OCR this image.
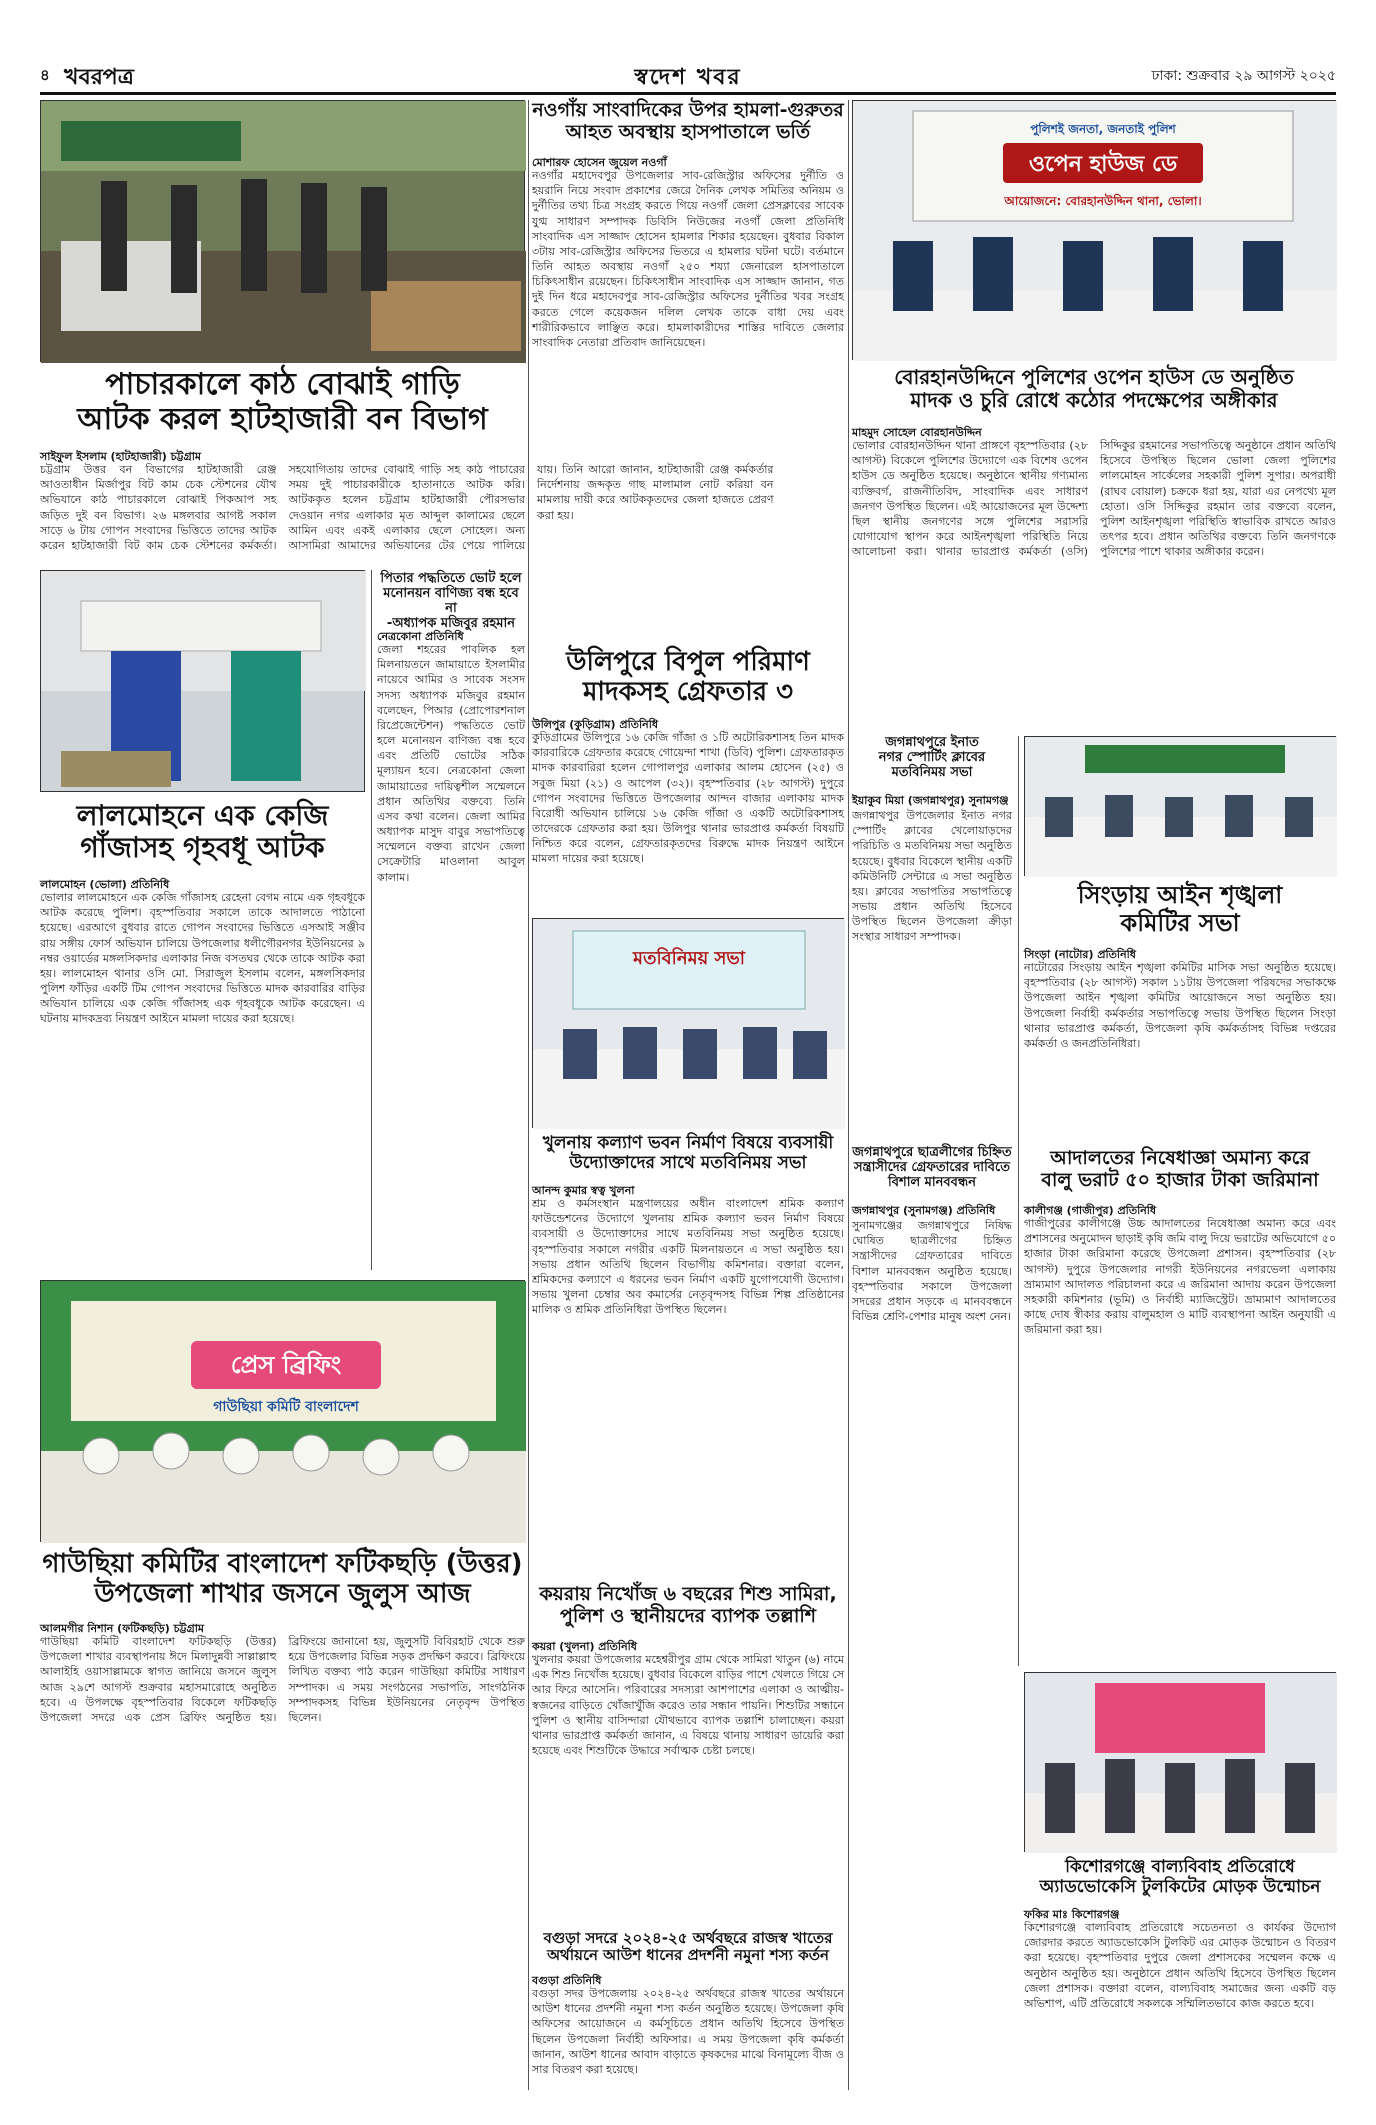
৪ খবরপত্র	স্বদেশ খবর	ঢাকা: শুক্রবার ২৯ আগস্ট ২০২৫
পাচারকালে কাঠ বোঝাই গাড়ি
আটক করল হাটহাজারী বন বিভাগ
সাইফুল ইসলাম (হাটহাজারী) চট্টগ্রাম
চট্টগ্রাম উত্তর বন বিভাগের হাটহাজারী রেঞ্জ আওতাধীন মির্জাপুর বিট কাম চেক স্টেশনের যৌথ অভিযানে কাঠ পাচারকালে বোঝাই পিকআপ সহ জড়িত দুই বন বিভাগ। ২৬ মঙ্গলবার আগষ্ট সকাল সাড়ে ৬ টায় গোপন সংবাদের ভিত্তিতে তাদের আটক করেন হাটহাজারী বিট কাম চেক স্টেশনের কর্মকর্তা। সহযোগিতায় তাদের বোঝাই গাড়ি সহ কাঠ পাচারের সময় দুই পাচারকারীকে হাতানাতে আটক করি। আটককৃত হলেন চট্টগ্রাম হাটহাজারী পৌরসভার দেওয়ান নগর এলাকার মৃত আব্দুল কালামের ছেলে আমিন এবং একই এলাকার ছেলে সোহেল। অন্য আসামিরা আমাদের অভিযানের টের পেয়ে পালিয়ে যায়। তিনি আরো জানান, হাটহাজারী রেঞ্জ কর্মকর্তার নির্দেশনায় জব্দকৃত গাছ মালামাল নোট করিয়া বন মামলায় দায়ী করে আটককৃতদের জেলা হাজতে প্রেরণ করা হয়।
পিতার পদ্ধতিতে ভোট হলে
মনোনয়ন বাণিজ্য বন্ধ হবে না
-অধ্যাপক মজিবুর রহমান
নেত্রকোনা প্রতিনিধি
জেলা শহরের পাবলিক হল মিলনায়তনে জামায়াতে ইসলামীর নায়েবে আমির ও সাবেক সংসদ সদস্য অধ্যাপক মজিবুর রহমান বলেছেন, পিআর (প্রোপোরশনাল রিপ্রেজেন্টেশন) পদ্ধতিতে ভোট হলে মনোনয়ন বাণিজ্য বন্ধ হবে এবং প্রতিটি ভোটের সঠিক মূল্যায়ন হবে। নেত্রকোনা জেলা জামায়াতের দায়িত্বশীল সম্মেলনে প্রধান অতিথির বক্তব্যে তিনি এসব কথা বলেন। জেলা আমির অধ্যাপক মাসুদ বাবুর সভাপতিত্বে সম্মেলনে বক্তব্য রাখেন জেলা সেক্রেটারি মাওলানা আবুল কালাম।
লালমোহনে এক কেজি
গাঁজাসহ গৃহবধূ আটক
লালমোহন (ভোলা) প্রতিনিধি
ভোলার লালমোহনে এক কেজি গাঁজাসহ রেহেনা বেগম নামে এক গৃহবধূকে আটক করেছে পুলিশ। বৃহস্পতিবার সকালে তাকে আদালতে পাঠানো হয়েছে। এরআগে বুধবার রাতে গোপন সংবাদের ভিত্তিতে এসআই সঞ্জীব রায় সঙ্গীয় ফোর্স অভিযান চালিয়ে উপজেলার ধলীগৌরনগর ইউনিয়নের ৯ নম্বর ওয়ার্ডের মঙ্গলসিকদার এলাকার নিজ বসতঘর থেকে তাকে আটক করা হয়। লালমোহন থানার ওসি মো. সিরাজুল ইসলাম বলেন, মঙ্গলসিকদার পুলিশ ফাঁড়ির একটি টিম গোপন সংবাদের ভিত্তিতে মাদক কারবারির বাড়ির অভিযান চালিয়ে এক কেজি গাঁজাসহ এক গৃহবধূকে আটক করেছেন। এ ঘটনায় মাদকদ্রব্য নিয়ন্ত্রণ আইনে মামলা দায়ের করা হয়েছে।
প্রেস ব্রিফিং
গাউছিয়া কমিটি বাংলাদেশ
গাউছিয়া কমিটির বাংলাদেশ ফটিকছড়ি (উত্তর)
উপজেলা শাখার জসনে জুলুস আজ
আলমগীর নিশান (ফটিকছড়ি) চট্টগ্রাম
গাউছিয়া কমিটি বাংলাদেশ ফটিকছড়ি (উত্তর) উপজেলা শাখার ব্যবস্থাপনায় ঈদে মিলাদুন্নবী সাল্লাল্লাহু আলাইহি ওয়াসাল্লামকে স্বাগত জানিয়ে জসনে জুলুস আজ ২৯শে আগস্ট শুক্রবার মহাসমারোহে অনুষ্ঠিত হবে। এ উপলক্ষে বৃহস্পতিবার বিকেলে ফটিকছড়ি উপজেলা সদরে এক প্রেস ব্রিফিং অনুষ্ঠিত হয়। ব্রিফিংয়ে জানানো হয়, জুলুসটি বিবিরহাট থেকে শুরু হয়ে উপজেলার বিভিন্ন সড়ক প্রদক্ষিণ করবে। ব্রিফিংয়ে লিখিত বক্তব্য পাঠ করেন গাউছিয়া কমিটির সাধারণ সম্পাদক। এ সময় সংগঠনের সভাপতি, সাংগঠনিক সম্পাদকসহ বিভিন্ন ইউনিয়নের নেতৃবৃন্দ উপস্থিত ছিলেন।
নওগাঁয় সাংবাদিকের উপর হামলা-গুরুতর
আহত অবস্থায় হাসপাতালে ভর্তি
মোশারফ হোসেন জুয়েল নওগাঁ
নওগাঁর মহাদেবপুর উপজেলার সাব-রেজিস্ট্রার অফিসের দুর্নীতি ও হয়রানি নিয়ে সংবাদ প্রকাশের জেরে দৈনিক লেখক সমিতির অনিয়ম ও দুর্নীতির তথ্য চিত্র সংগ্রহ করতে গিয়ে নওগাঁ জেলা প্রেসক্লাবের সাবেক যুগ্ম সাধারণ সম্পাদক ডিবিসি নিউজের নওগাঁ জেলা প্রতিনিধি সাংবাদিক এস সাজ্জাদ হোসেন হামলার শিকার হয়েছেন। বুধবার বিকাল ৩টায় সাব-রেজিস্ট্রার অফিসের ভিতরে এ হামলার ঘটনা ঘটে। বর্তমানে তিনি আহত অবস্থায় নওগাঁ ২৫০ শয্যা জেনারেল হাসপাতালে চিকিৎসাধীন রয়েছেন। চিকিৎসাধীন সাংবাদিক এস সাজ্জাদ জানান, গত দুই দিন ধরে মহাদেবপুর সাব-রেজিস্ট্রার অফিসের দুর্নীতির খবর সংগ্রহ করতে গেলে কয়েকজন দলিল লেখক তাকে বাধা দেয় এবং শারীরিকভাবে লাঞ্ছিত করে। হামলাকারীদের শাস্তির দাবিতে জেলার সাংবাদিক নেতারা প্রতিবাদ জানিয়েছেন।
উলিপুরে বিপুল পরিমাণ
মাদকসহ গ্রেফতার ৩
উলিপুর (কুড়িগ্রাম) প্রতিনিধি
কুড়িগ্রামের উলিপুরে ১৬ কেজি গাঁজা ও ১টি অটোরিকশাসহ তিন মাদক কারবারিকে গ্রেফতার করেছে গোয়েন্দা শাখা (ডিবি) পুলিশ। গ্রেফতারকৃত মাদক কারবারিরা হলেন গোপালপুর এলাকার আলম হোসেন (২৫) ও সবুজ মিয়া (২১) ও আপেল (৩২)। বৃহস্পতিবার (২৮ আগস্ট) দুপুরে গোপন সংবাদের ভিত্তিতে উপজেলার আন্দন বাজার এলাকায় মাদক বিরোধী অভিযান চালিয়ে ১৬ কেজি গাঁজা ও একটি অটোরিকশাসহ তাদেরকে গ্রেফতার করা হয়। উলিপুর থানার ভারপ্রাপ্ত কর্মকর্তা বিষয়টি নিশ্চিত করে বলেন, গ্রেফতারকৃতদের বিরুদ্ধে মাদক নিয়ন্ত্রণ আইনে মামলা দায়ের করা হয়েছে।
মতবিনিময় সভা
খুলনায় কল্যাণ ভবন নির্মাণ বিষয়ে ব্যবসায়ী
উদ্যোক্তাদের সাথে মতবিনিময় সভা
আনন্দ কুমার স্বত্ব খুলনা
শ্রম ও কর্মসংস্থান মন্ত্রণালয়ের অধীন বাংলাদেশ শ্রমিক কল্যাণ ফাউন্ডেশনের উদ্যোগে খুলনায় শ্রমিক কল্যাণ ভবন নির্মাণ বিষয়ে ব্যবসায়ী ও উদ্যোক্তাদের সাথে মতবিনিময় সভা অনুষ্ঠিত হয়েছে। বৃহস্পতিবার সকালে নগরীর একটি মিলনায়তনে এ সভা অনুষ্ঠিত হয়। সভায় প্রধান অতিথি ছিলেন বিভাগীয় কমিশনার। বক্তারা বলেন, শ্রমিকদের কল্যাণে এ ধরনের ভবন নির্মাণ একটি যুগোপযোগী উদ্যোগ। সভায় খুলনা চেম্বার অব কমার্সের নেতৃবৃন্দসহ বিভিন্ন শিল্প প্রতিষ্ঠানের মালিক ও শ্রমিক প্রতিনিধিরা উপস্থিত ছিলেন।
কয়রায় নিখোঁজ ৬ বছরের শিশু সামিরা,
পুলিশ ও স্থানীয়দের ব্যাপক তল্লাশি
কয়রা (খুলনা) প্রতিনিধি
খুলনার কয়রা উপজেলার মহেশ্বরীপুর গ্রাম থেকে সামিরা খাতুন (৬) নামে এক শিশু নিখোঁজ হয়েছে। বুধবার বিকেলে বাড়ির পাশে খেলতে গিয়ে সে আর ফিরে আসেনি। পরিবারের সদস্যরা আশপাশের এলাকা ও আত্মীয়-স্বজনের বাড়িতে খোঁজাখুঁজি করেও তার সন্ধান পায়নি। শিশুটির সন্ধানে পুলিশ ও স্থানীয় বাসিন্দারা যৌথভাবে ব্যাপক তল্লাশি চালাচ্ছেন। কয়রা থানার ভারপ্রাপ্ত কর্মকর্তা জানান, এ বিষয়ে থানায় সাধারণ ডায়েরি করা হয়েছে এবং শিশুটিকে উদ্ধারে সর্বাত্মক চেষ্টা চলছে।
বগুড়া সদরে ২০২৪-২৫ অর্থবছরে রাজস্ব খাতের
অর্থায়নে আউশ ধানের প্রদর্শনী নমুনা শস্য কর্তন
বগুড়া প্রতিনিধি
বগুড়া সদর উপজেলায় ২০২৪-২৫ অর্থবছরে রাজস্ব খাতের অর্থায়নে আউশ ধানের প্রদর্শনী নমুনা শস্য কর্তন অনুষ্ঠিত হয়েছে। উপজেলা কৃষি অফিসের আয়োজনে এ কর্মসূচিতে প্রধান অতিথি হিসেবে উপস্থিত ছিলেন উপজেলা নির্বাহী অফিসার। এ সময় উপজেলা কৃষি কর্মকর্তা জানান, আউশ ধানের আবাদ বাড়াতে কৃষকদের মাঝে বিনামূল্যে বীজ ও সার বিতরণ করা হয়েছে।
পুলিশই জনতা, জনতাই পুলিশ
ওপেন হাউজ ডে
আয়োজনে: বোরহানউদ্দিন থানা, ভোলা।
বোরহানউদ্দিনে পুলিশের ওপেন হাউস ডে অনুষ্ঠিত
মাদক ও চুরি রোধে কঠোর পদক্ষেপের অঙ্গীকার
মাহমুদ সোহেল বোরহানউদ্দিন
ভোলার বোরহানউদ্দিন থানা প্রাঙ্গণে বৃহস্পতিবার (২৮ আগস্ট) বিকেলে পুলিশের উদ্যোগে এক বিশেষ ওপেন হাউস ডে অনুষ্ঠিত হয়েছে। অনুষ্ঠানে স্থানীয় গণ্যমান্য ব্যক্তিবর্গ, রাজনীতিবিদ, সাংবাদিক এবং সাধারণ জনগণ উপস্থিত ছিলেন। এই আয়োজনের মূল উদ্দেশ্য ছিল স্থানীয় জনগণের সঙ্গে পুলিশের সরাসরি যোগাযোগ স্থাপন করে আইনশৃঙ্খলা পরিস্থিতি নিয়ে আলোচনা করা। থানার ভারপ্রাপ্ত কর্মকর্তা (ওসি) সিদ্দিকুর রহমানের সভাপতিত্বে অনুষ্ঠানে প্রধান অতিথি হিসেবে উপস্থিত ছিলেন ভোলা জেলা পুলিশের লালমোহন সার্কেলের সহকারী পুলিশ সুপার। অপরাধী (রাঘব বোয়াল) চক্রকে ধরা হয়, যারা এর নেপথ্যে মূল হোতা। ওসি সিদ্দিকুর রহমান তার বক্তব্যে বলেন, পুলিশ আইনশৃঙ্খলা পরিস্থিতি স্বাভাবিক রাখতে আরও তৎপর হবে। প্রধান অতিথির বক্তব্যে তিনি জনগণকে পুলিশের পাশে থাকার অঙ্গীকার করেন।
জগন্নাথপুরে ইনাত
নগর স্পোর্টিং ক্লাবের
মতবিনিময় সভা
ইয়াকুব মিয়া (জগন্নাথপুর) সুনামগঞ্জ
জগন্নাথপুর উপজেলার ইনাত নগর স্পোর্টিং ক্লাবের খেলোয়াড়দের পরিচিতি ও মতবিনিময় সভা অনুষ্ঠিত হয়েছে। বুধবার বিকেলে স্থানীয় একটি কমিউনিটি সেন্টারে এ সভা অনুষ্ঠিত হয়। ক্লাবের সভাপতির সভাপতিত্বে সভায় প্রধান অতিথি হিসেবে উপস্থিত ছিলেন উপজেলা ক্রীড়া সংস্থার সাধারণ সম্পাদক।
জগন্নাথপুরে ছাত্রলীগের চিহ্নিত
সন্ত্রাসীদের গ্রেফতারের দাবিতে
বিশাল মানববন্ধন
জগন্নাথপুর (সুনামগঞ্জ) প্রতিনিধি
সুনামগঞ্জের জগন্নাথপুরে নিষিদ্ধ ঘোষিত ছাত্রলীগের চিহ্নিত সন্ত্রাসীদের গ্রেফতারের দাবিতে বিশাল মানববন্ধন অনুষ্ঠিত হয়েছে। বৃহস্পতিবার সকালে উপজেলা সদরের প্রধান সড়কে এ মানববন্ধনে বিভিন্ন শ্রেণি-পেশার মানুষ অংশ নেন।
সিংড়ায় আইন শৃঙ্খলা
কমিটির সভা
সিংড়া (নাটোর) প্রতিনিধি
নাটোরের সিংড়ায় আইন শৃঙ্খলা কমিটির মাসিক সভা অনুষ্ঠিত হয়েছে। বৃহস্পতিবার (২৮ আগস্ট) সকাল ১১টায় উপজেলা পরিষদের সভাকক্ষে উপজেলা আইন শৃঙ্খলা কমিটির আয়োজনে সভা অনুষ্ঠিত হয়। উপজেলা নির্বাহী কর্মকর্তার সভাপতিত্বে সভায় উপস্থিত ছিলেন সিংড়া থানার ভারপ্রাপ্ত কর্মকর্তা, উপজেলা কৃষি কর্মকর্তাসহ বিভিন্ন দপ্তরের কর্মকর্তা ও জনপ্রতিনিধিরা।
আদালতের নিষেধাজ্ঞা অমান্য করে
বালু ভরাট ৫০ হাজার টাকা জরিমানা
কালীগঞ্জ (গাজীপুর) প্রতিনিধি
গাজীপুরের কালীগঞ্জে উচ্চ আদালতের নিষেধাজ্ঞা অমান্য করে এবং প্রশাসনের অনুমোদন ছাড়াই কৃষি জমি বালু দিয়ে ভরাটের অভিযোগে ৫০ হাজার টাকা জরিমানা করেছে উপজেলা প্রশাসন। বৃহস্পতিবার (২৮ আগস্ট) দুপুরে উপজেলার নাগরী ইউনিয়নের নগরভেলা এলাকায় ভ্রাম্যমাণ আদালত পরিচালনা করে এ জরিমানা আদায় করেন উপজেলা সহকারী কমিশনার (ভূমি) ও নির্বাহী ম্যাজিস্ট্রেট। ভ্রাম্যমাণ আদালতের কাছে দোষ স্বীকার করায় বালুমহাল ও মাটি ব্যবস্থাপনা আইন অনুযায়ী এ জরিমানা করা হয়।
কিশোরগঞ্জে বাল্যবিবাহ প্রতিরোধে
অ্যাডভোকেসি টুলকিটের মোড়ক উন্মোচন
ফকির মাঃ কিশোরগঞ্জ
কিশোরগঞ্জে বাল্যবিবাহ প্রতিরোধে সচেতনতা ও কার্যকর উদ্যোগ জোরদার করতে অ্যাডভোকেসি টুলকিট এর মোড়ক উন্মোচন ও বিতরণ করা হয়েছে। বৃহস্পতিবার দুপুরে জেলা প্রশাসকের সম্মেলন কক্ষে এ অনুষ্ঠান অনুষ্ঠিত হয়। অনুষ্ঠানে প্রধান অতিথি হিসেবে উপস্থিত ছিলেন জেলা প্রশাসক। বক্তারা বলেন, বাল্যবিবাহ সমাজের জন্য একটি বড় অভিশাপ, এটি প্রতিরোধে সকলকে সম্মিলিতভাবে কাজ করতে হবে।
